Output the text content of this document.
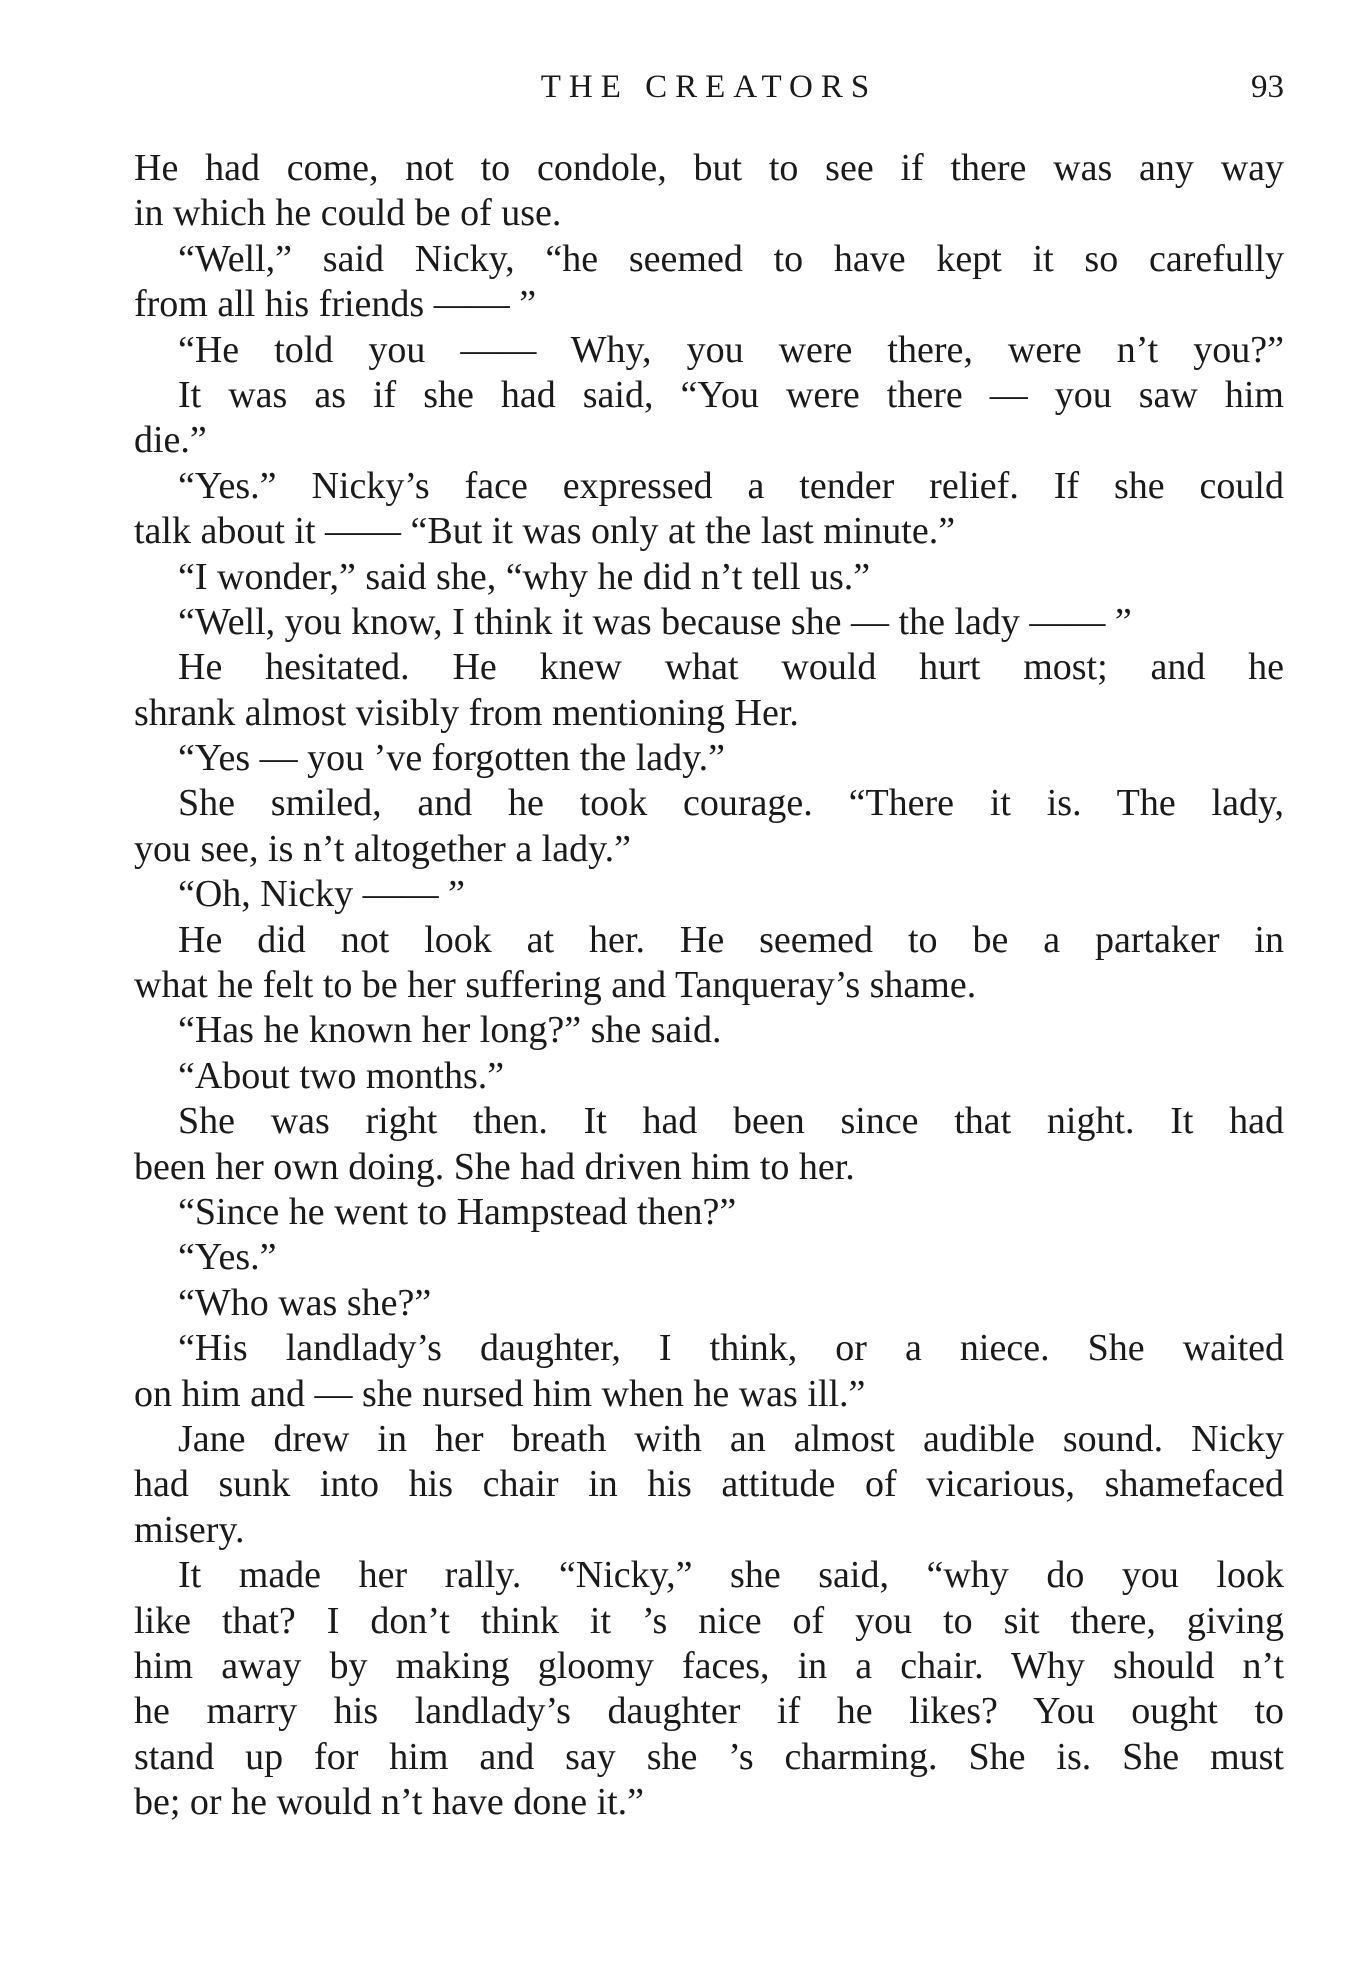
THE CREATORS	93
He had come, not to condole, but to see if there was any way
in which he could be of use.
“Well,” said Nicky, “he seemed to have kept it so carefully
from all his friends —— ”
“He told you —— Why, you were there, were n’t you?”
It was as if she had said, “You were there — you saw him
die.”
“Yes.” Nicky’s face expressed a tender relief. If she could
talk about it —— “But it was only at the last minute.”
“I wonder,” said she, “why he did n’t tell us.”
“Well, you know, I think it was because she — the lady —— ”
He hesitated. He knew what would hurt most; and he
shrank almost visibly from mentioning Her.
“Yes — you ’ve forgotten the lady.”
She smiled, and he took courage. “There it is. The lady,
you see, is n’t altogether a lady.”
“Oh, Nicky —— ”
He did not look at her. He seemed to be a partaker in
what he felt to be her suffering and Tanqueray’s shame.
“Has he known her long?” she said.
“About two months.”
She was right then. It had been since that night. It had
been her own doing. She had driven him to her.
“Since he went to Hampstead then?”
“Yes.”
“Who was she?”
“His landlady’s daughter, I think, or a niece. She waited
on him and — she nursed him when he was ill.”
Jane drew in her breath with an almost audible sound. Nicky
had sunk into his chair in his attitude of vicarious, shamefaced
misery.
It made her rally. “Nicky,” she said, “why do you look
like that? I don’t think it ’s nice of you to sit there, giving
him away by making gloomy faces, in a chair. Why should n’t
he marry his landlady’s daughter if he likes? You ought to
stand up for him and say she ’s charming. She is. She must
be; or he would n’t have done it.”
